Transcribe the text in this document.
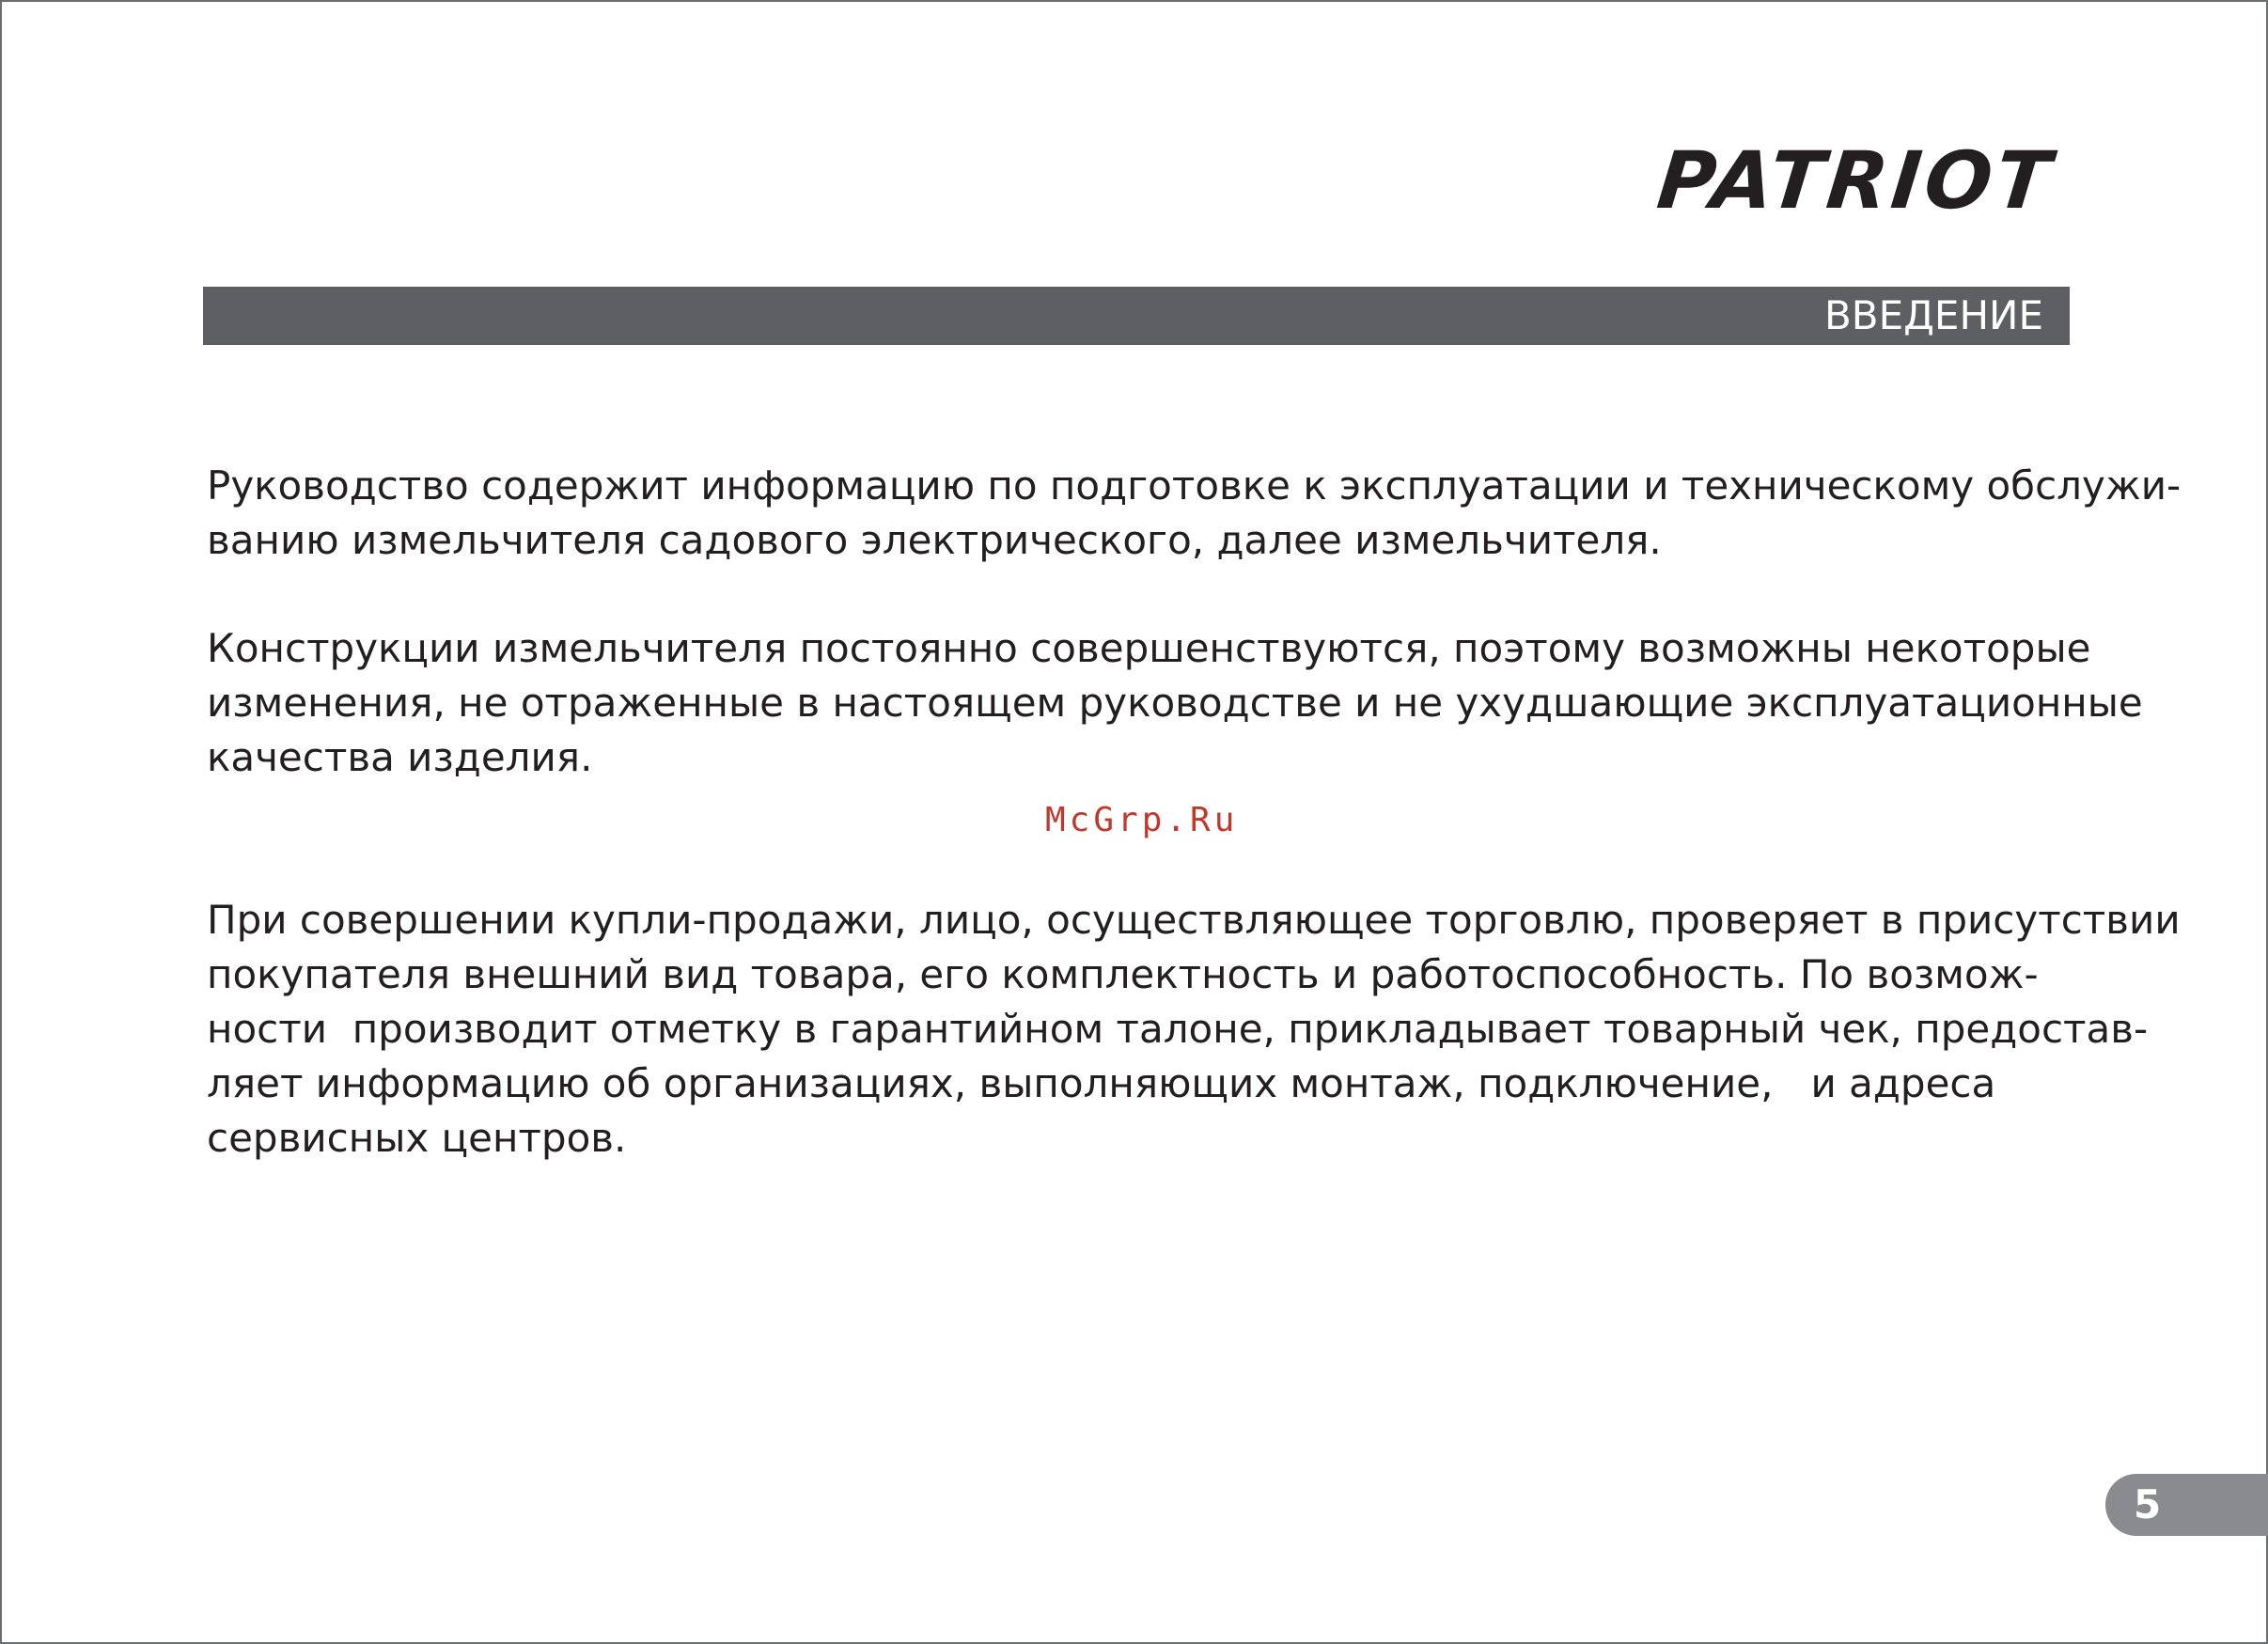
PATRIOT
ВВЕДЕНИЕ

Руководство содержит информацию по подготовке к эксплуатации и техническому обслужи-
ванию измельчителя садового электрического, далее измельчителя.

Конструкции измельчителя постоянно совершенствуются, поэтому возможны некоторые
изменения, не отраженные в настоящем руководстве и не ухудшающие эксплуатационные
качества изделия.

При совершении купли-продажи, лицо, осуществляющее торговлю, проверяет в присутствии
покупателя внешний вид товара, его комплектность и работоспособность. По возмож-
ности  производит отметку в гарантийном талоне, прикладывает товарный чек, предостав-
ляет информацию об организациях, выполняющих монтаж, подключение,   и адреса
сервисных центров.

McGrp.Ru
5
